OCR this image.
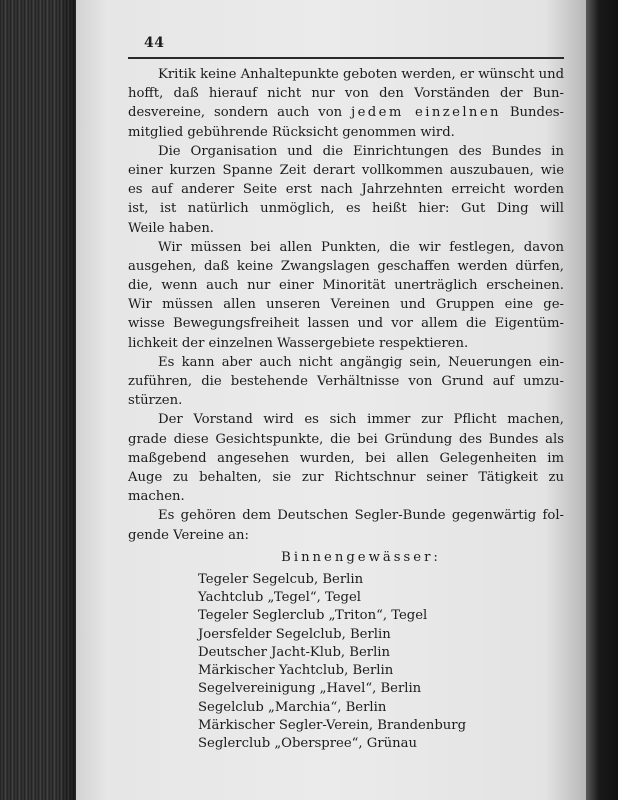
44
Kritik keine Anhaltepunkte geboten werden, er wünscht und
hofft, daß hierauf nicht nur von den Vorständen der Bun-
desvereine, sondern auch von jedem einzelnen Bundes-
mitglied gebührende Rücksicht genommen wird.
Die Organisation und die Einrichtungen des Bundes in
einer kurzen Spanne Zeit derart vollkommen auszubauen, wie
es auf anderer Seite erst nach Jahrzehnten erreicht worden
ist, ist natürlich unmöglich, es heißt hier: Gut Ding will
Weile haben.
Wir müssen bei allen Punkten, die wir festlegen, davon
ausgehen, daß keine Zwangslagen geschaffen werden dürfen,
die, wenn auch nur einer Minorität unerträglich erscheinen.
Wir müssen allen unseren Vereinen und Gruppen eine ge-
wisse Bewegungsfreiheit lassen und vor allem die Eigentüm-
lichkeit der einzelnen Wassergebiete respektieren.
Es kann aber auch nicht angängig sein, Neuerungen ein-
zuführen, die bestehende Verhältnisse von Grund auf umzu-
stürzen.
Der Vorstand wird es sich immer zur Pflicht machen,
grade diese Gesichtspunkte, die bei Gründung des Bundes als
maßgebend angesehen wurden, bei allen Gelegenheiten im
Auge zu behalten, sie zur Richtschnur seiner Tätigkeit zu
machen.
Es gehören dem Deutschen Segler-Bunde gegenwärtig fol-
gende Vereine an:
Binnengewässer:
Tegeler Segelcub, Berlin
Yachtclub „Tegel“, Tegel
Tegeler Seglerclub „Triton“, Tegel
Joersfelder Segelclub, Berlin
Deutscher Jacht-Klub, Berlin
Märkischer Yachtclub, Berlin
Segelvereinigung „Havel“, Berlin
Segelclub „Marchia“, Berlin
Märkischer Segler-Verein, Brandenburg
Seglerclub „Oberspree“, Grünau
